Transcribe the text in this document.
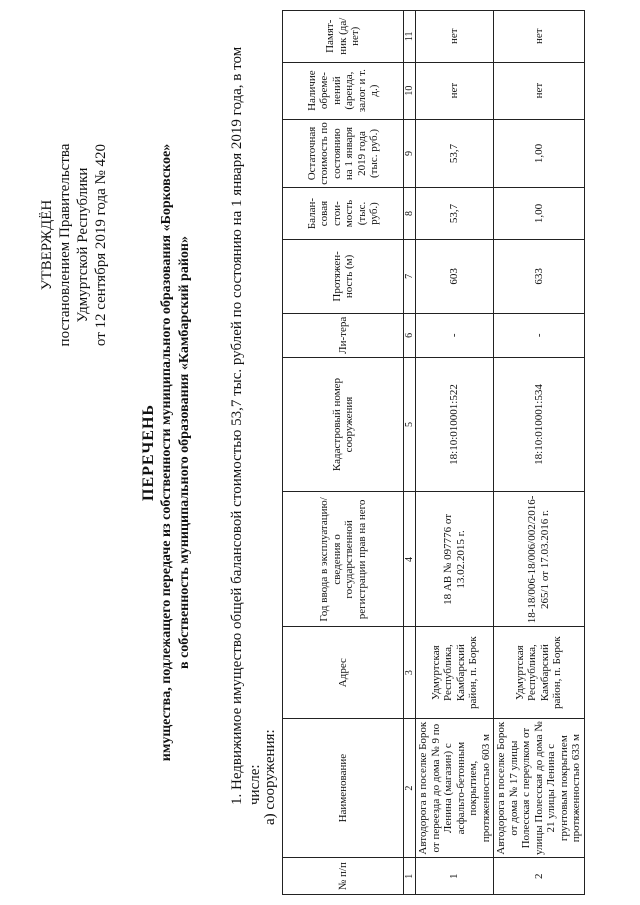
УТВЕРЖДЁН постановлением Правительства Удмуртской Республики от 12 сентября 2019 года № 420
ПЕРЕЧЕНЬ имущества, подлежащего передаче из собственности муниципального образования «Борковское» в собственность муниципального образования «Камбарский район» 1. Недвижимое имущество общей балансовой стоимостью 53,7 тыс. рублей по состоянию на 1 января 2019 года, в том числе: а) сооружения:
№ п/п	Наименование	Адрес	Год ввода в эксплуатацию/ сведения о государственной регистрации прав на него	Кадастровый номер сооружения	Ли-тера	Протяжен-ность (м)	Балан-совая стои-мость (тыс. руб.)	Остаточная стоимость по состоянию на 1 января 2019 года (тыс. руб.)	Наличие обреме-нений (аренда, залог и т. д.)	Памят-ник (да/нет)
1	2	3	4	5	6	7	8	9	10	11
1	Автодорога в поселке Борок от переезда до дома № 9 по Ленина (магазин) с асфальто-бетонным покрытием, протяженностью 603 м	Удмуртская Республика, Камбарский район, п. Борок	18 АВ № 097776 от 13.02.2015 г.	18:10:010001:522	-	603	53,7	53,7	нет	нет
2	Автодорога в поселке Борок от дома № 17 улицы Полесская с переулком от улицы Полесская до дома № 21 улицы Ленина с грунтовым покрытием протяженностью 633 м	Удмуртская Республика, Камбарский район, п. Борок	18-18/006-18/006/002/2016-265/1 от 17.03.2016 г.	18:10:010001:534	-	633	1,00	1,00	нет	нет
